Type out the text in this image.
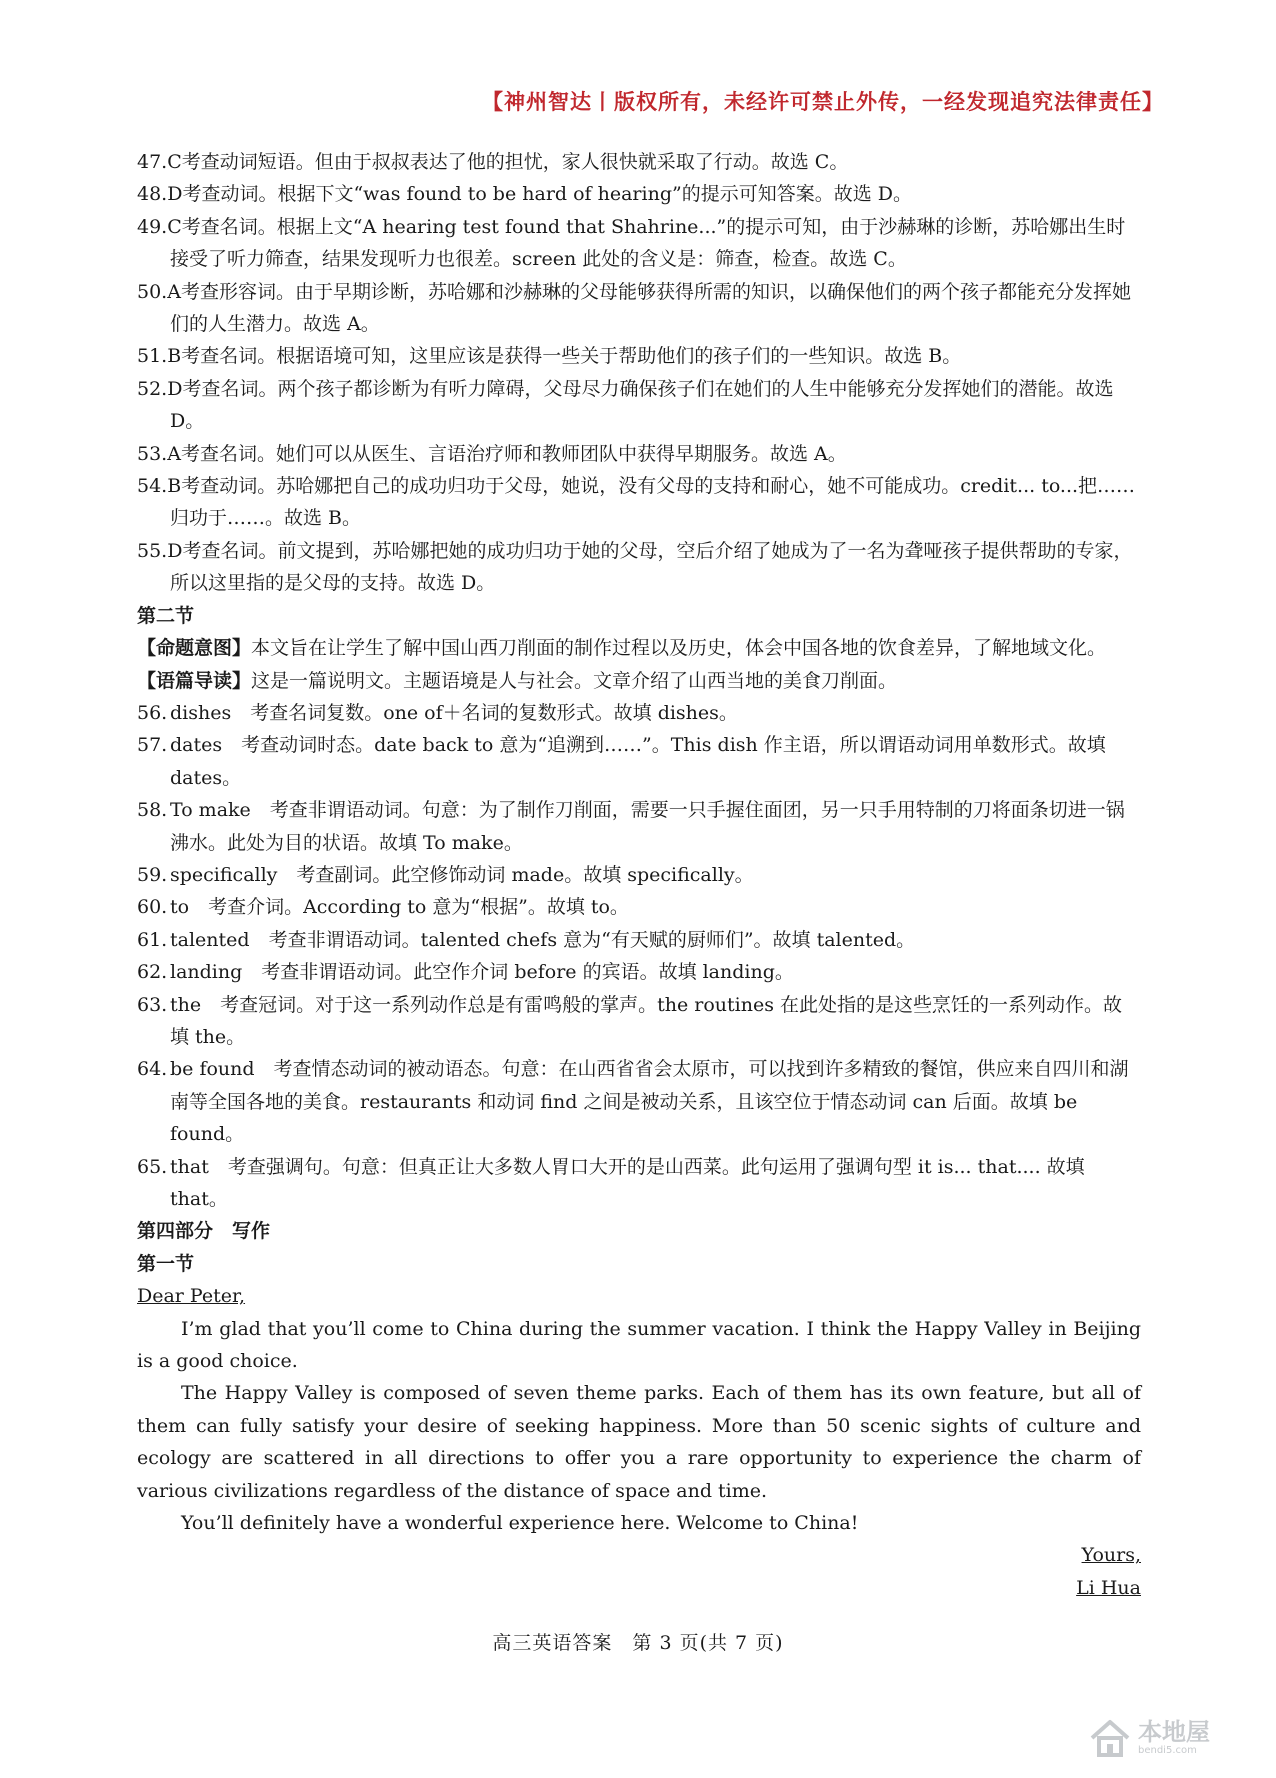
【神州智达丨版权所有，未经许可禁止外传，一经发现追究法律责任】
47.C考查动词短语。但由于叔叔表达了他的担忧，家人很快就采取了行动。故选 C。
48.D考查动词。根据下文“was found to be hard of hearing”的提示可知答案。故选 D。
49.C考查名词。根据上文“A hearing test found that Shahrine...”的提示可知，由于沙赫琳的诊断，苏哈娜出生时接受了听力筛查，结果发现听力也很差。screen 此处的含义是：筛查，检查。故选 C。
50.A考查形容词。由于早期诊断，苏哈娜和沙赫琳的父母能够获得所需的知识，以确保他们的两个孩子都能充分发挥她们的人生潜力。故选 A。
51.B考查名词。根据语境可知，这里应该是获得一些关于帮助他们的孩子们的一些知识。故选 B。
52.D考查名词。两个孩子都诊断为有听力障碍，父母尽力确保孩子们在她们的人生中能够充分发挥她们的潜能。故选 D。
53.A考查名词。她们可以从医生、言语治疗师和教师团队中获得早期服务。故选 A。
54.B考查动词。苏哈娜把自己的成功归功于父母，她说，没有父母的支持和耐心，她不可能成功。credit... to...把…… 归功于……。故选 B。
55.D考查名词。前文提到，苏哈娜把她的成功归功于她的父母，空后介绍了她成为了一名为聋哑孩子提供帮助的专家，所以这里指的是父母的支持。故选 D。
第二节
【命题意图】本文旨在让学生了解中国山西刀削面的制作过程以及历史，体会中国各地的饮食差异，了解地域文化。
【语篇导读】这是一篇说明文。主题语境是人与社会。文章介绍了山西当地的美食刀削面。
56. dishes　考查名词复数。one of＋名词的复数形式。故填 dishes。
57. dates　考查动词时态。date back to 意为“追溯到……”。This dish 作主语，所以谓语动词用单数形式。故填 dates。
58. To make　考查非谓语动词。句意：为了制作刀削面，需要一只手握住面团，另一只手用特制的刀将面条切进一锅沸水。此处为目的状语。故填 To make。
59. specifically　考查副词。此空修饰动词 made。故填 specifically。
60. to　考查介词。According to 意为“根据”。故填 to。
61. talented　考查非谓语动词。talented chefs 意为“有天赋的厨师们”。故填 talented。
62. landing　考查非谓语动词。此空作介词 before 的宾语。故填 landing。
63. the　考查冠词。对于这一系列动作总是有雷鸣般的掌声。the routines 在此处指的是这些烹饪的一系列动作。故填 the。
64. be found　考查情态动词的被动语态。句意：在山西省省会太原市，可以找到许多精致的餐馆，供应来自四川和湖南等全国各地的美食。restaurants 和动词 find 之间是被动关系，且该空位于情态动词 can 后面。故填 be found。
65. that　考查强调句。句意：但真正让大多数人胃口大开的是山西菜。此句运用了强调句型 it is... that.... 故填 that。
第四部分　写作
第一节
Dear Peter,
I’m glad that you’ll come to China during the summer vacation. I think the Happy Valley in Beijing is a good choice.
The Happy Valley is composed of seven theme parks. Each of them has its own feature, but all of them can fully satisfy your desire of seeking happiness. More than 50 scenic sights of culture and ecology are scattered in all directions to offer you a rare opportunity to experience the charm of various civilizations regardless of the distance of space and time.
You’ll definitely have a wonderful experience here. Welcome to China!
Yours,
Li Hua
高三英语答案　第 3 页(共 7 页)
本地屋
bendi5.com
